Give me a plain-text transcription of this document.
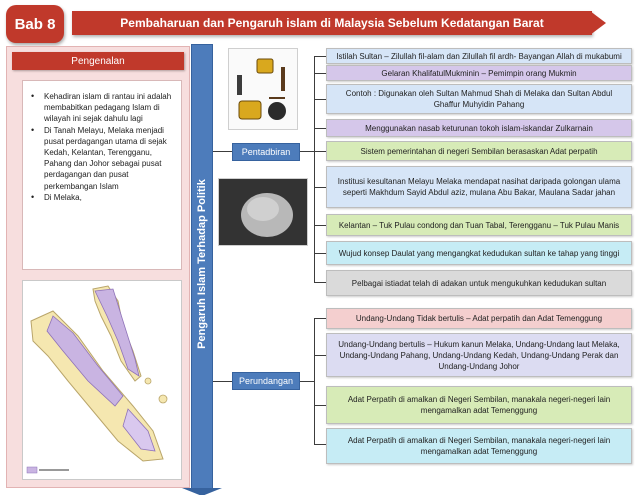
Bab 8	Pembaharuan dan Pengaruh islam di Malaysia Sebelum Kedatangan Barat
Pengenalan
• Kehadiran islam di rantau ini adalah membabitkan pedagang Islam di wilayah ini sejak dahulu lagi
• Di Tanah Melayu, Melaka menjadi pusat perdagangan utama di sejak Kedah, Kelantan, Terengganu, Pahang dan Johor sebagai pusat perdagangan dan pusat perkembangan Islam
• Di Melaka,	Pengaruh Islam Terhadap Politik
Pentadbiran
Perundangan
Istilah Sultan – Zilullah fil-alam dan Zilullah fil ardh- Bayangan Allah di mukabumi
Gelaran KhalifatulMukminin – Pemimpin orang Mukmin
Contoh : Digunakan oleh Sultan Mahmud Shah di Melaka dan Sultan Abdul Ghaffur Muhyidin Pahang
Menggunakan nasab keturunan tokoh islam-iskandar Zulkarnain
Sistem pemerintahan di negeri Sembilan berasaskan Adat perpatih
Institusi kesultanan Melayu Melaka mendapat nasihat daripada golongan ulama seperti Makhdum Sayid Abdul aziz, mulana Abu Bakar, Maulana Sadar jahan
Kelantan – Tuk Pulau condong dan Tuan Tabal, Terengganu – Tuk Pulau Manis
Wujud konsep Daulat yang mengangkat kedudukan sultan ke tahap yang tinggi
Pelbagai istiadat telah di adakan untuk mengukuhkan kedudukan sultan
Undang-Undang Tidak bertulis – Adat perpatih dan Adat Temenggung
Undang-Undang bertulis – Hukum kanun Melaka, Undang-Undang laut Melaka, Undang-Undang Pahang, Undang-Undang Kedah, Undang-Undang Perak dan Undang-Undang Johor
Adat Perpatih di amalkan di Negeri Sembilan, manakala negeri-negeri lain mengamalkan adat Temenggung
Adat Perpatih di amalkan di Negeri Sembilan, manakala negeri-negeri lain mengamalkan adat Temenggung
